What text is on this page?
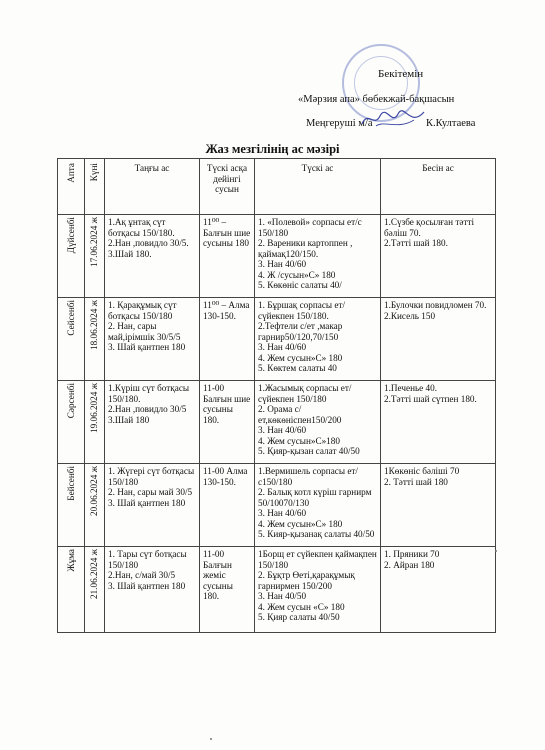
Бекітемін
«Мәрзия апа» бөбекжай-бақшасын
Меңгеруші м/а	К.Култаева
Жаз мезгілінің ас мәзірі
Апта	Күні	Таңғы ас	Түскі асқа дейінгі сусын	Түскі ас	Бесін ас
Дүйсенбі	17.06.2024 ж	1.Ақ ұнтақ сүт ботқасы 150/180.
2.Нан ,повидло 30/5.
3.Шай 180.	11⁰⁰ – Балғын шие сусыны 180	1. «Полевой» сорпасы ет/с 150/180
2. Вареники картоппен , қаймақ120/150.
3. Нан 40/60
4. Ж /сусын»С» 180
5. Көкөніс салаты 40/	1.Сүзбе қосылған тәтті бәліш 70.
2.Тәтті шай 180.

Сейсенбі	18.06.2024 ж	1. Қарақұмық сүт ботқасы 150/180
2. Нан, сары май,ірімшік 30/5/5
3. Шай қантпен 180	11⁰⁰ – Алма 130-150.	1. Бұршақ сорпасы ет/сүйекпен 150/180.
2.Тефтели с/ет ,макар гарнир50/120,70/150
3. Нан 40/60
4. Жем сусын»С» 180
5. Көктем салаты 40	1.Булочки повидломен 70.
2.Кисель 150

Сәрсенбі	19.06.2024 ж	1.Күріш сүт ботқасы 150/180.
2.Нан ,повидло 30/5
3.Шай 180	11-00 Балғын шие сусыны 180.	1.Жасымық сорпасы ет/ сүйекпен 150/180
2. Орама с/ет,көкөніспен150/200
3. Нан 40/60
4. Жем сусын»С»180
5. Қияр-қызан салат 40/50	1.Печенье 40.
2.Тәтті шай сүтпен 180.

Бейсенбі	20.06.2024 ж	1. Жүгері сүт ботқасы 150/180
2. Нан, сары май 30/5
3. Шай қантпен 180	11-00 Алма 130-150.	1.Вермишель сорпасы ет/с150/180
2. Балық котл күріш гарнирм 50/10070/130
3. Нан 40/60
4. Жем сусын»С» 180
5. Кияр-қызанақ салаты 40/50	1Көкөніс бәліші 70
2. Тәтті шай 180

Жұма	21.06.2024 ж	1. Тары сүт ботқасы 150/180
2.Нан, с/май 30/5
3. Шай қантпен 180	11-00 Балғын жеміс сусыны 180.	1Борщ ет сүйекпен қаймақпен 150/180
2. Бұқтр Өеті,қарақұмық гарнирмен 150/200
3. Нан 40/50
4. Жем сусын «С» 180
5. Қияр салаты 40/50	1. Пряники 70
2. Айран 180
